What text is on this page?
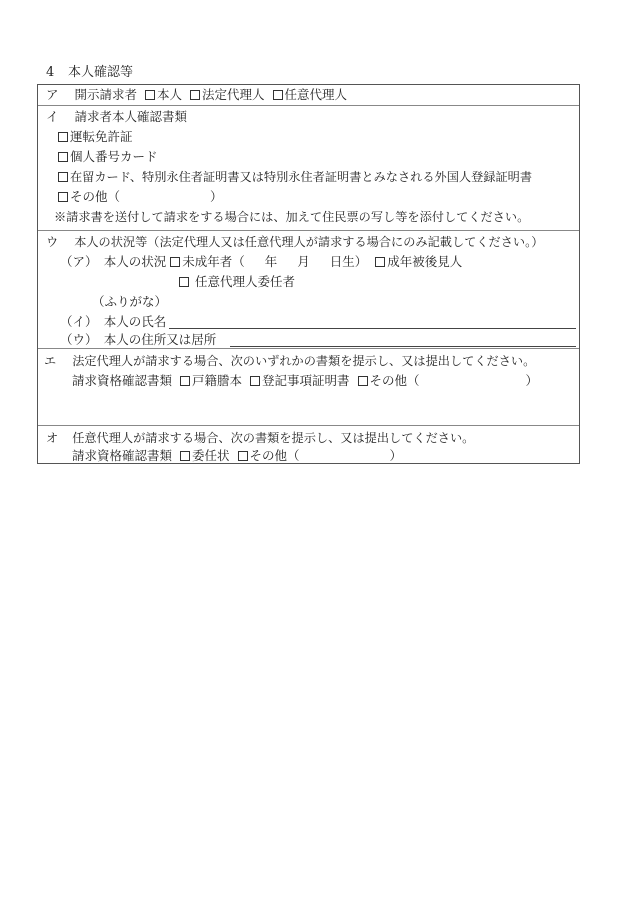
4 本人確認等
ア 開示請求者 本人 法定代理人 任意代理人
イ 請求者本人確認書類
運転免許証
個人番号カード
在留カード、特別永住者証明書又は特別永住者証明書とみなされる外国人登録証明書
その他（	）
※請求書を送付して請求をする場合には、加えて住民票の写し等を添付してください。
ウ 本人の状況等（法定代理人又は任意代理人が請求する場合にのみ記載してください。）
（ア）　本人の状況 未成年者（ 年 月 日生） 成年被後見人
任意代理人委任者
（ふりがな）
（イ）　本人の氏名
（ウ）　本人の住所又は居所
エ 法定代理人が請求する場合、次のいずれかの書類を提示し、又は提出してください。
請求資格確認書類 戸籍謄本 登記事項証明書 その他（	）
オ 任意代理人が請求する場合、次の書類を提示し、又は提出してください。
請求資格確認書類 委任状 その他（	）
